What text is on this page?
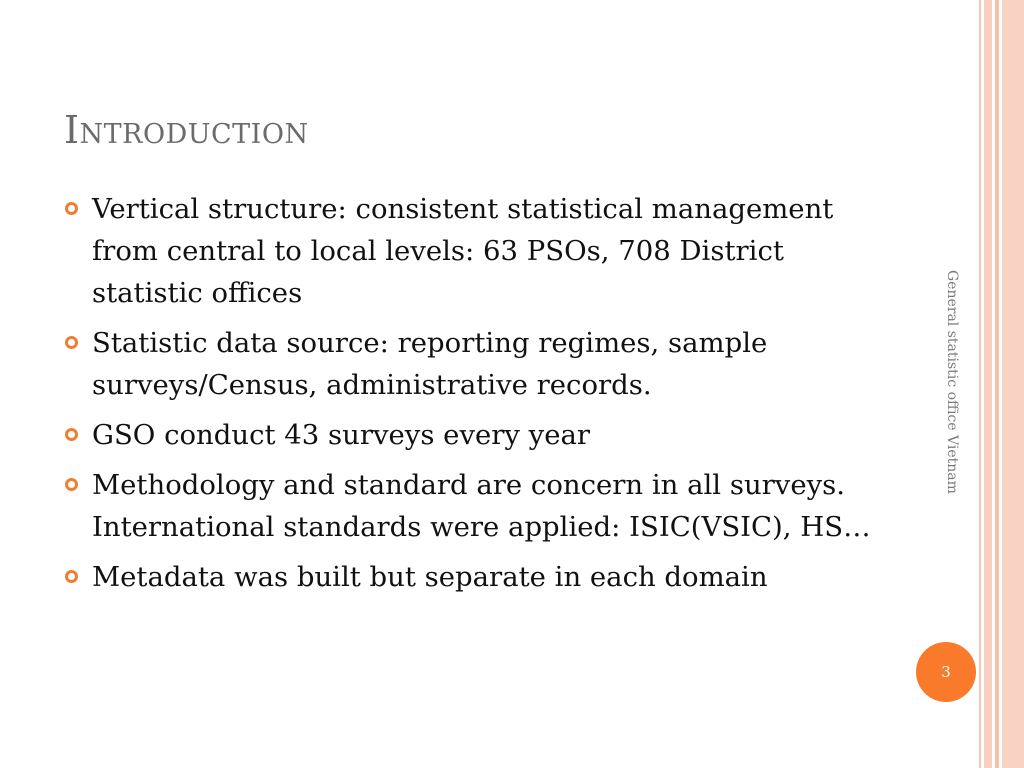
Introduction
Vertical structure: consistent statistical management from central to local levels: 63 PSOs, 708 District statistic offices
Statistic data source: reporting regimes, sample surveys/Census, administrative records.
GSO conduct 43 surveys every year
Methodology and standard are concern in all surveys. International standards were applied: ISIC(VSIC), HS…
Metadata was built but separate in each domain
General statistic office Vietnam
3
